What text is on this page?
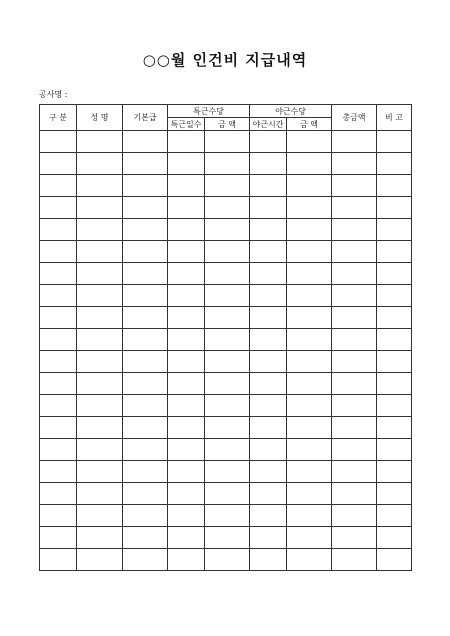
○○월 인건비 지급내역
공사명 :
구 분	성 명	기본급	특근수당		야근수당		총금액	비 고
			특근일수	금 액	야근시간	금 액		
